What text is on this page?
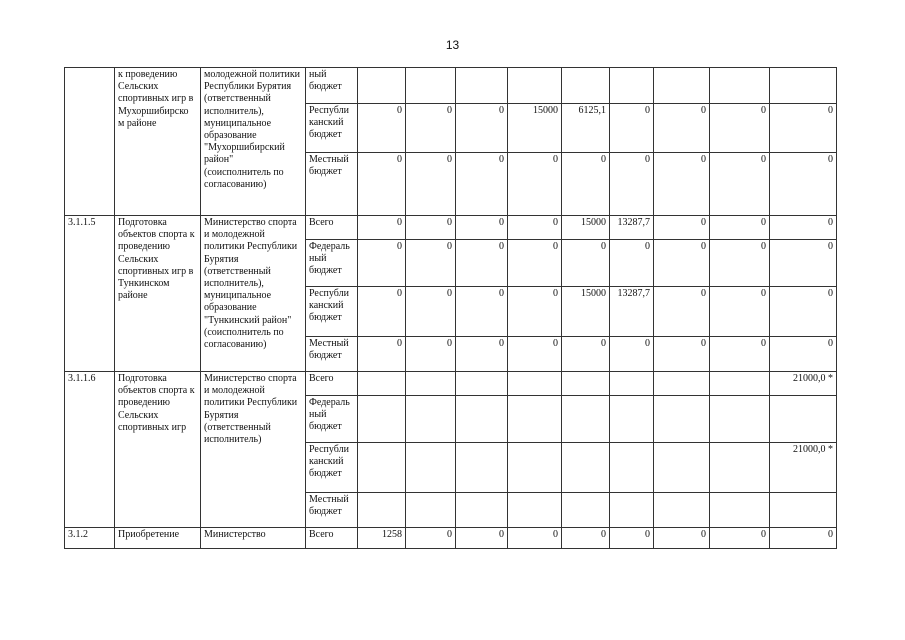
13
	к проведению Сельских спортивных игр в Мухоршибирско м районе	молодежной политики Республики Бурятия (ответственный исполнитель), муниципальное образование "Мухоршибирский район" (соисполнитель по согласованию)	ный бюджет									
			Республи канский бюджет	0	0	0	15000	6125,1	0	0	0	0
			Местный бюджет	0	0	0	0	0	0	0	0	0
3.1.1.5	Подготовка объектов спорта к проведению Сельских спортивных игр в Тункинском районе	Министерство спорта и молодежной политики Республики Бурятия (ответственный исполнитель), муниципальное образование "Тункинский район" (соисполнитель по согласованию)	Всего	0	0	0	0	15000	13287,7	0	0	0
			Федераль ный бюджет	0	0	0	0	0	0	0	0	0
			Республи канский бюджет	0	0	0	0	15000	13287,7	0	0	0
			Местный бюджет	0	0	0	0	0	0	0	0	0
3.1.1.6	Подготовка объектов спорта к проведению Сельских спортивных игр	Министерство спорта и молодежной политики Республики Бурятия (ответственный исполнитель)	Всего									21000,0 *
			Федераль ный бюджет									
			Республи канский бюджет									21000,0 *
			Местный бюджет									
3.1.2	Приобретение	Министерство	Всего	1258	0	0	0	0	0	0	0	0
